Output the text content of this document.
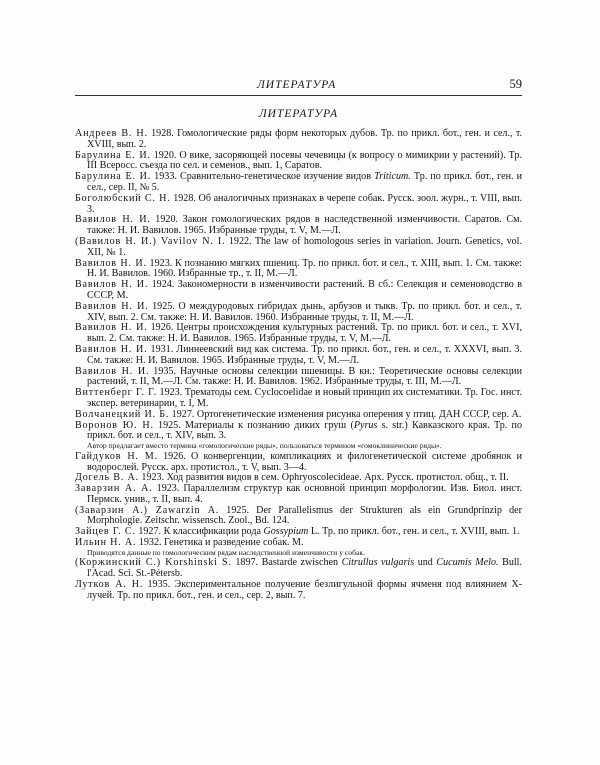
ЛИТЕРАТУРА	59
ЛИТЕРАТУРА
Андреев В. Н. 1928. Гомологические ряды форм некоторых дубов. Тр. по прикл. бот., ген. и сел., т. XVIII, вып. 2.
Барулина Е. И. 1920. О вике, засоряющей посевы чечевицы (к вопросу о мимикрии у растений). Тр. III Всеросс. съезда по сел. и семенов., вып. 1, Саратов.
Барулина Е. И. 1933. Сравнительно-генетическое изучение видов Triticum. Тр. по прикл. бот., ген. и сел., сер. II, № 5.
Боголюбский С. Н. 1928. Об аналогичных признаках в черепе собак. Русск. зоол. журн., т. VIII, вып. 3.
Вавилов Н. И. 1920. Закон гомологических рядов в наследственной изменчивости. Саратов. См. также: Н. И. Вавилов. 1965. Избранные труды, т. V, М.—Л.
(Вавилов Н. И.) Vavilov N. I. 1922. The law of homologous series in variation. Journ. Genetics, vol. XII, № 1.
Вавилов Н. И. 1923. К познанию мягких пшениц. Тр. по прикл. бот. и сел., т. XIII, вып. 1. См. также: Н. И. Вавилов. 1960. Избранные тр., т. II, М.—Л.
Вавилов Н. И. 1924. Закономерности в изменчивости растений. В сб.: Селекция и семеноводство в СССР, М.
Вавилов Н. И. 1925. О междуродовых гибридах дынь, арбузов и тыкв. Тр. по прикл. бот. и сел., т. XIV, вып. 2. См. также: Н. И. Вавилов. 1960. Избранные труды, т. II, М.—Л.
Вавилов Н. И. 1926. Центры происхождения культурных растений. Тр. по прикл. бот. и сел., т. XVI, вып. 2. См. также: Н. И. Вавилов. 1965. Избранные труды, т. V, М.—Л.
Вавилов Н. И. 1931. Линнеевский вид как система. Тр. по прикл. бот., ген. и сел., т. XXXVI, вып. 3. См. также: Н. И. Вавилов. 1965. Избранные труды, т. V, М.—Л.
Вавилов Н. И. 1935. Научные основы селекции пшеницы. В кн.: Теоретические основы селекции растений, т. II, М.—Л. См. также: Н. И. Вавилов. 1962. Избранные труды, т. III, М.—Л.
Виттенберг Г. Г. 1923. Трематоды сем. Cyclocoelidae и новый принцип их систематики. Тр. Гос. инст. экспер. ветеринарии, т. I, М.
Волчанецкий И. Б. 1927. Ортогенетические изменения рисунка оперения у птиц. ДАН СССР, сер. А.
Воронов Ю. Н. 1925. Материалы к познанию диких груш (Pyrus s. str.) Кавказского края. Тр. по прикл. бот. и сел., т. XIV, вып. 3.
Автор предлагает вместо термина «гомологические ряды», пользоваться термином «гомоклинические ряды».
Гайдуков Н. М. 1926. О конвергенции, компликациях и филогенетической системе дробянок и водорослей. Русск. арх. протистол., т. V, вып. 3—4.
Догель В. А. 1923. Ход развития видов в сем. Ophryoscolecideae. Арх. Русск. протистол. общ., т. II.
Заварзин А. А. 1923. Параллелизм структур как основной принцип морфологии. Изв. Биол. инст. Пермск. унив., т. II, вып. 4.
(Заварзин А.) Zawarzin A. 1925. Der Parallelismus der Strukturen als ein Grundprinzip der Morphologie. Zeitschr. wissensch. Zool., Bd. 124.
Зайцев Г. С. 1927. К классификации рода Gossypium L. Тр. по прикл. бот., ген. и сел., т. XVIII, вып. 1.
Ильин Н. А. 1932. Генетика и разведение собак. М.
Приводятся данные по гомологическим рядам наследственной изменчивости у собак.
(Коржинский С.) Korshinski S. 1897. Bastarde zwischen Citrullus vulgaris und Cucumis Melo. Bull. l'Acad. Sci. St.-Pétersb.
Лутков А. Н. 1935. Экспериментальное получение безлигульной формы ячменя под влиянием X-лучей. Тр. по прикл. бот., ген. и сел., сер. 2, вып. 7.
